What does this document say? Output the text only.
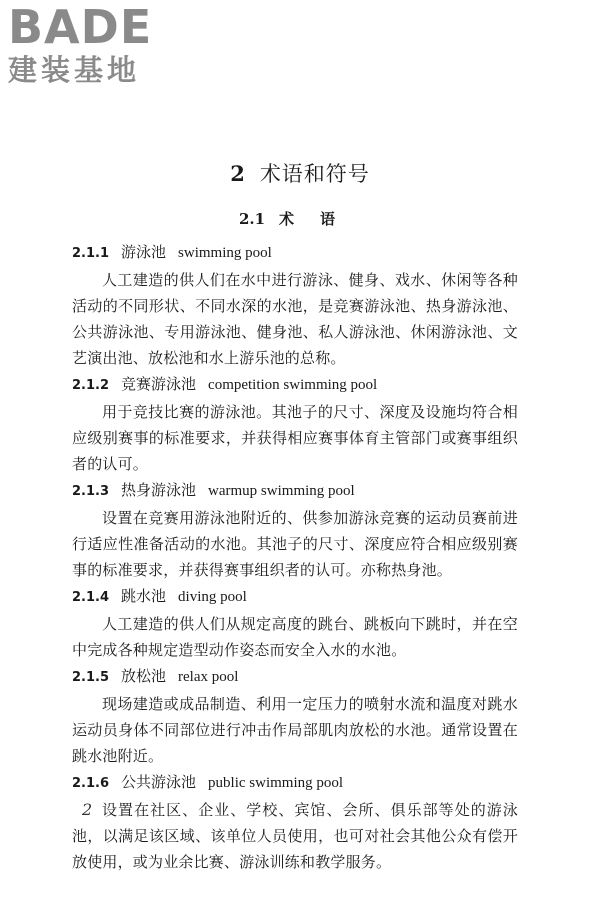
BADE
建装基地
2 术语和符号
2.1 术语
2.1.1 游泳池 swimming pool

人工建造的供人们在水中进行游泳、健身、戏水、休闲等各种活动的不同形状、不同水深的水池，是竞赛游泳池、热身游泳池、公共游泳池、专用游泳池、健身池、私人游泳池、休闲游泳池、文艺演出池、放松池和水上游乐池的总称。

2.1.2 竞赛游泳池 competition swimming pool

用于竞技比赛的游泳池。其池子的尺寸、深度及设施均符合相应级别赛事的标准要求，并获得相应赛事体育主管部门或赛事组织者的认可。

2.1.3 热身游泳池 warmup swimming pool

设置在竞赛用游泳池附近的、供参加游泳竞赛的运动员赛前进行适应性准备活动的水池。其池子的尺寸、深度应符合相应级别赛事的标准要求，并获得赛事组织者的认可。亦称热身池。

2.1.4 跳水池 diving pool

人工建造的供人们从规定高度的跳台、跳板向下跳时，并在空中完成各种规定造型动作姿态而安全入水的水池。

2.1.5 放松池 relax pool

现场建造或成品制造、利用一定压力的喷射水流和温度对跳水运动员身体不同部位进行冲击作局部肌肉放松的水池。通常设置在跳水池附近。

2.1.6 公共游泳池 public swimming pool

设置在社区、企业、学校、宾馆、会所、俱乐部等处的游泳池，以满足该区域、该单位人员使用，也可对社会其他公众有偿开放使用，或为业余比赛、游泳训练和教学服务。

2
